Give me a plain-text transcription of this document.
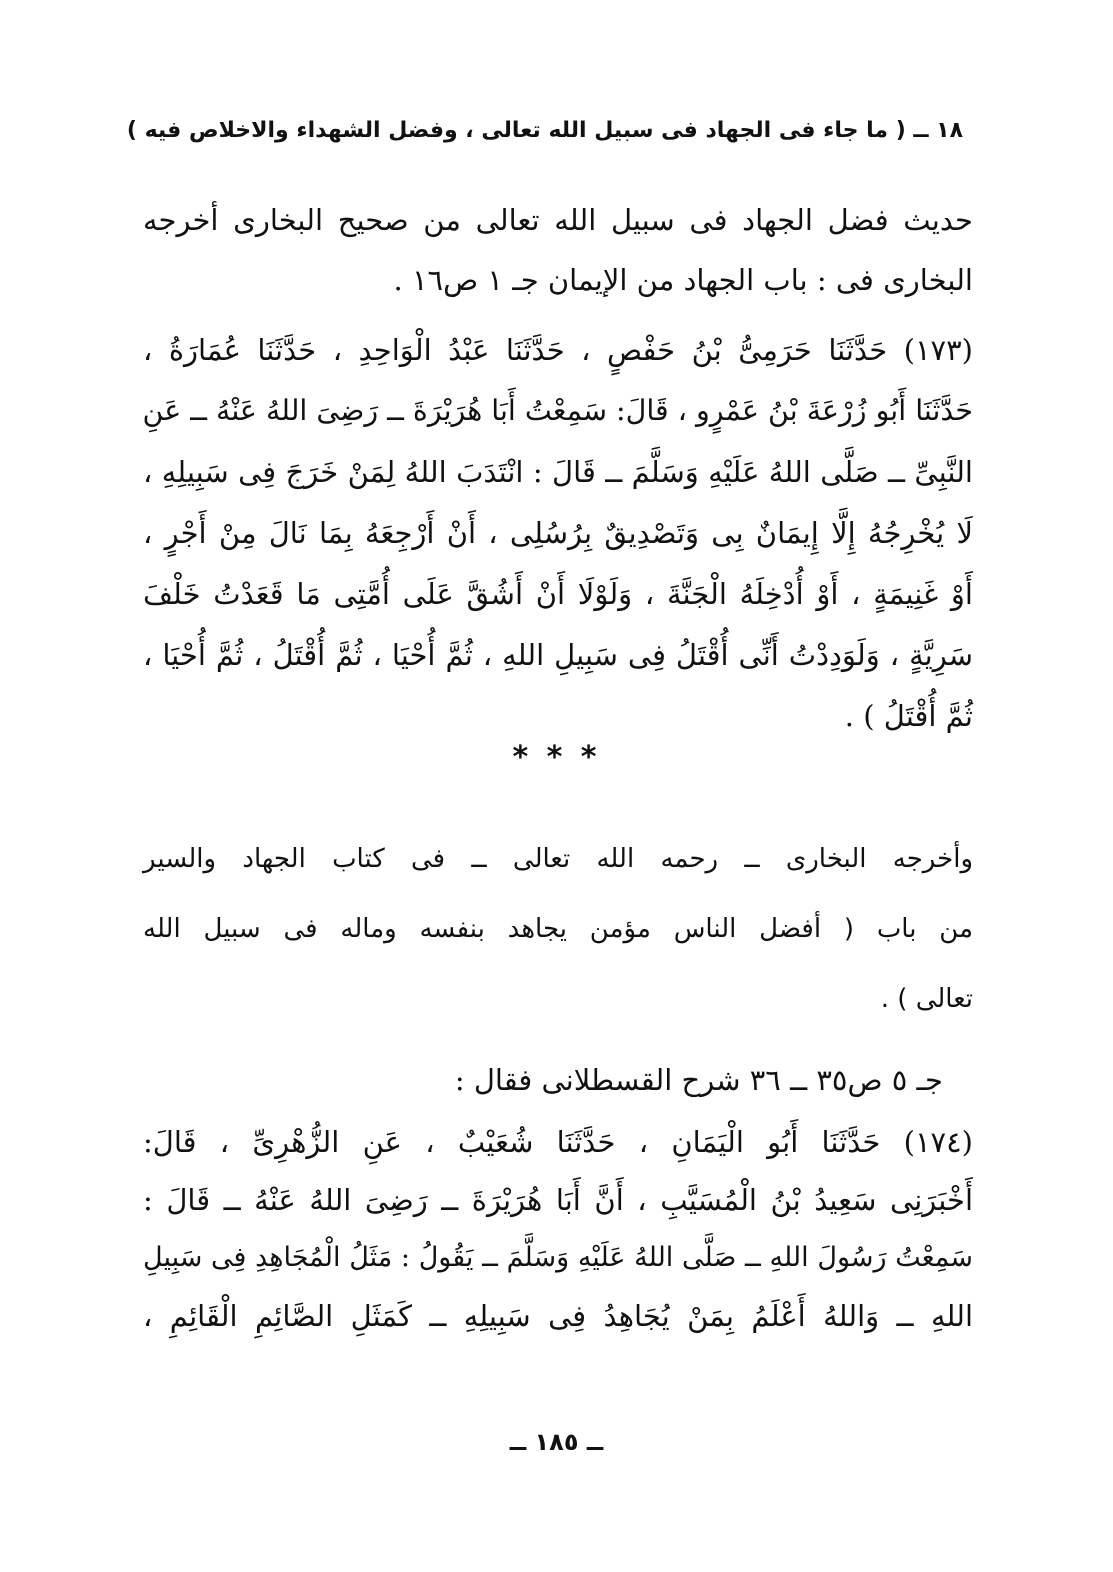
١٨ ــ ( ما جاء فى الجهاد فى سبيل الله تعالى ، وفضل الشهداء والاخلاص فيه )
حديث فضل الجهاد فى سبيل الله تعالى من صحيح البخارى أخرجه
البخارى فى : باب الجهاد من الإيمان جـ ١ ص١٦ .
(١٧٣) حَدَّثَنَا حَرَمِىُّ بْنُ حَفْصٍ ، حَدَّثَنَا عَبْدُ الْوَاحِدِ ، حَدَّثَنَا عُمَارَةُ ،
حَدَّثَنَا أَبُو زُرْعَةَ بْنُ عَمْرٍو ، قَالَ: سَمِعْتُ أَبَا هُرَيْرَةَ ــ رَضِىَ اللهُ عَنْهُ ــ عَنِ
النَّبِىِّ ــ صَلَّى اللهُ عَلَيْهِ وَسَلَّمَ ــ قَالَ : انْتَدَبَ اللهُ لِمَنْ خَرَجَ فِى سَبِيلِهِ ،
لَا يُخْرِجُهُ إِلَّا إِيمَانٌ بِى وَتَصْدِيقٌ بِرُسُلِى ، أَنْ أَرْجِعَهُ بِمَا نَالَ مِنْ أَجْرٍ ،
أَوْ غَنِيمَةٍ ، أَوْ أُدْخِلَهُ الْجَنَّةَ ، وَلَوْلَا أَنْ أَشُقَّ عَلَى أُمَّتِى مَا قَعَدْتُ خَلْفَ
سَرِيَّةٍ ، وَلَوَدِدْتُ أَنِّى أُقْتَلُ فِى سَبِيلِ اللهِ ، ثُمَّ أُحْيَا ، ثُمَّ أُقْتَلُ ، ثُمَّ أُحْيَا ،
ثُمَّ أُقْتَلُ ) .
* * *
وأخرجه البخارى ــ رحمه الله تعالى ــ فى كتاب الجهاد والسير
من باب ( أفضل الناس مؤمن يجاهد بنفسه وماله فى سبيل الله
تعالى ) .
جـ ٥ ص٣٥ ــ ٣٦ شرح القسطلانى فقال :
(١٧٤) حَدَّثَنَا أَبُو الْيَمَانِ ، حَدَّثَنَا شُعَيْبٌ ، عَنِ الزُّهْرِىِّ ، قَالَ:
أَخْبَرَنِى سَعِيدُ بْنُ الْمُسَيَّبِ ، أَنَّ أَبَا هُرَيْرَةَ ــ رَضِىَ اللهُ عَنْهُ ــ قَالَ :
سَمِعْتُ رَسُولَ اللهِ ــ صَلَّى اللهُ عَلَيْهِ وَسَلَّمَ ــ يَقُولُ : مَثَلُ الْمُجَاهِدِ فِى سَبِيلِ
اللهِ ــ وَاللهُ أَعْلَمُ بِمَنْ يُجَاهِدُ فِى سَبِيلِهِ ــ كَمَثَلِ الصَّائِمِ الْقَائِمِ ،
ــ ١٨٥ ــ
